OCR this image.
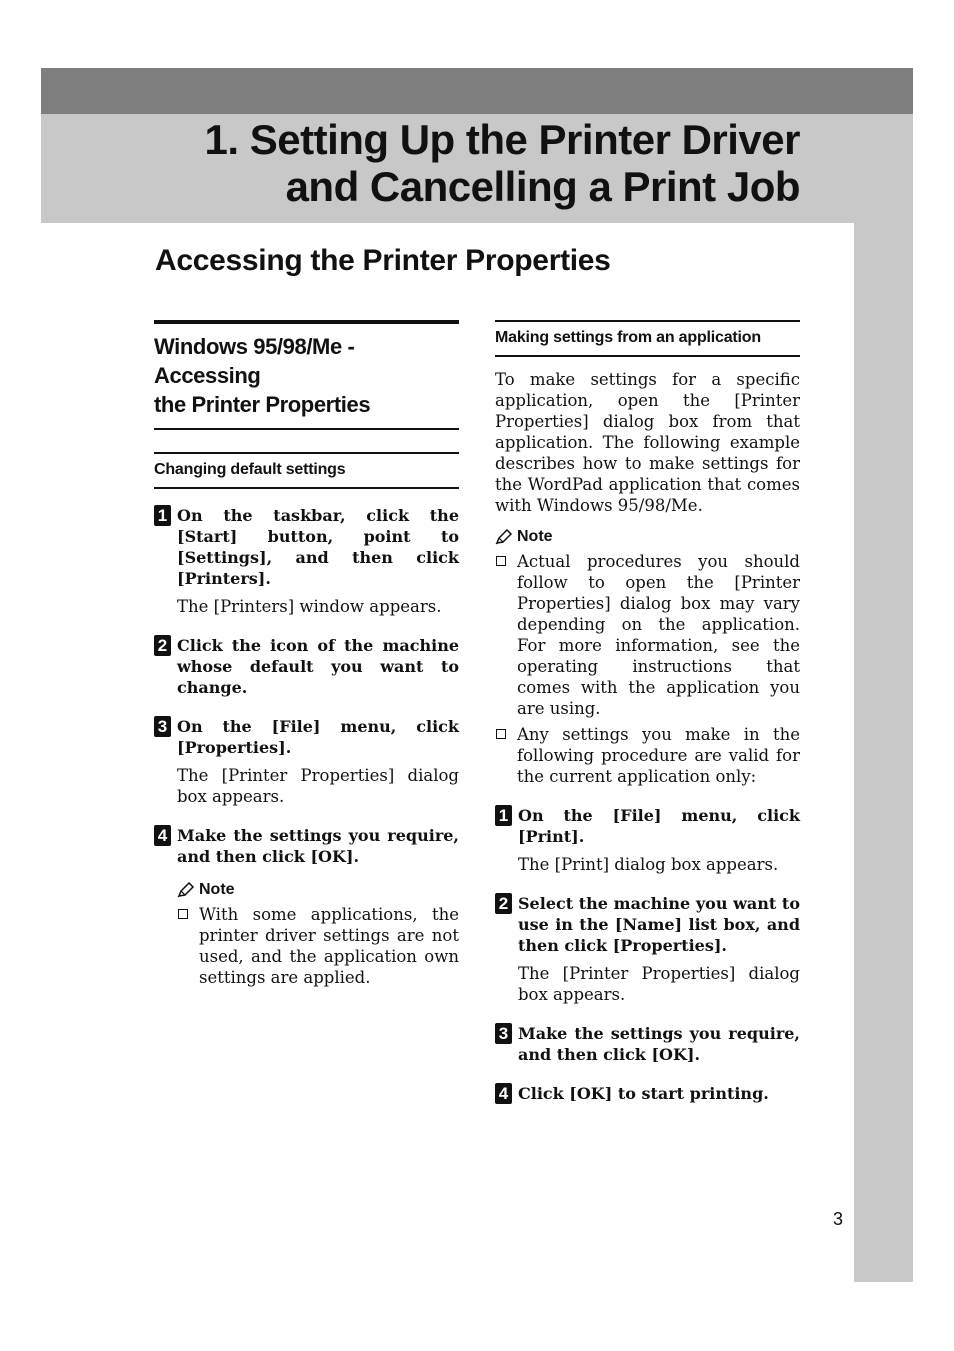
1. Setting Up the Printer Driver
and Cancelling a Print Job
Accessing the Printer Properties
Windows 95/98/Me - Accessing
the Printer Properties
Changing default settings
1 On the taskbar, click the [Start] button, point to [Settings], and then click [Printers].

The [Printers] window appears.

2 Click the icon of the machine whose default you want to change.

3 On the [File] menu, click [Properties].

The [Printer Properties] dialog box appears.

4 Make the settings you require, and then click [OK].

Note
With some applications, the printer driver settings are not used, and the application own settings are applied.
Making settings from an application

To make settings for a specific application, open the [Printer Properties] dialog box from that application. The following example describes how to make settings for the WordPad application that comes with Windows 95/98/Me.

Note
Actual procedures you should follow to open the [Printer Properties] dialog box may vary depending on the application. For more information, see the operating instructions that comes with the application you are using.
Any settings you make in the following procedure are valid for the current application only:
1 On the [File] menu, click [Print].

The [Print] dialog box appears.

2 Select the machine you want to use in the [Name] list box, and then click [Properties].

The [Printer Properties] dialog box appears.

3 Make the settings you require, and then click [OK].

4 Click [OK] to start printing.

3
